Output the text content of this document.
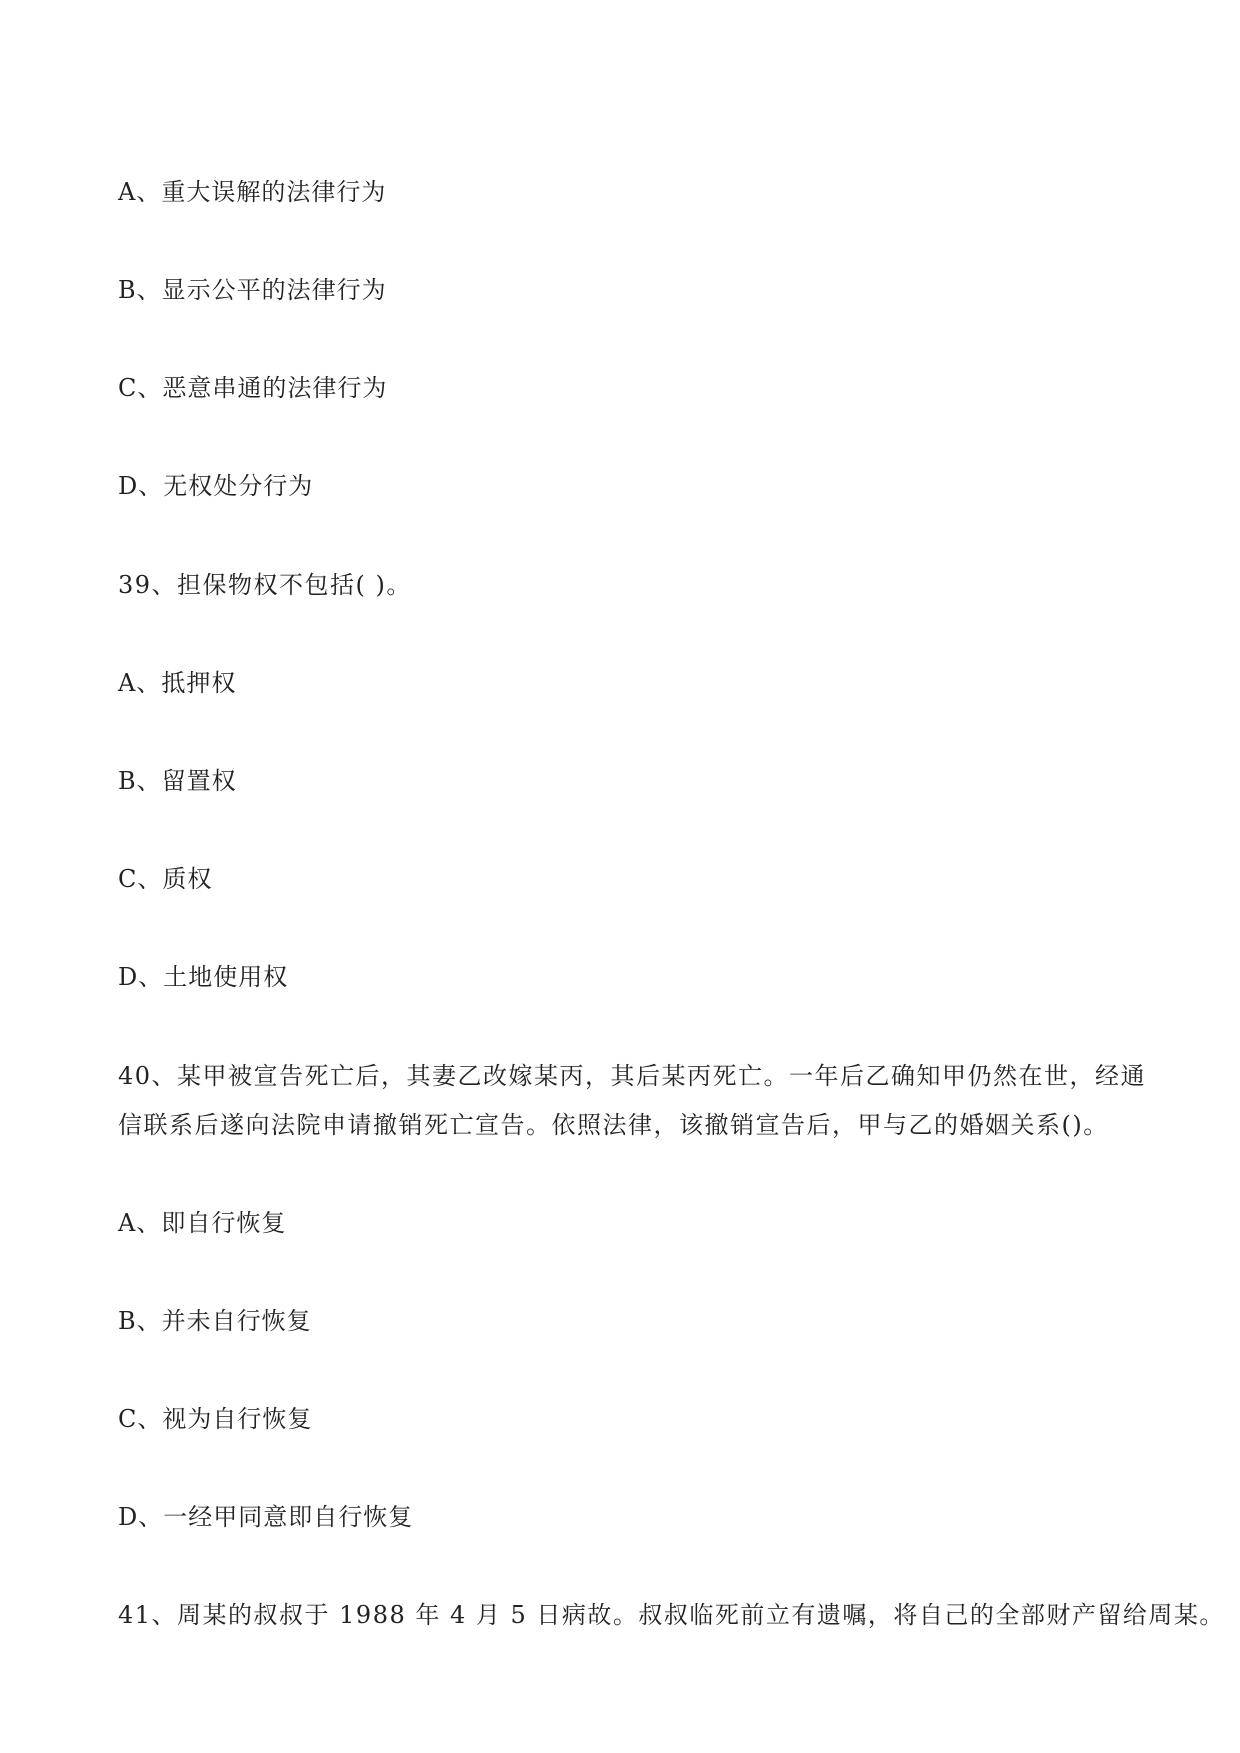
A、重大误解的法律行为
B、显示公平的法律行为
C、恶意串通的法律行为
D、无权处分行为
39、担保物权不包括( )。
A、抵押权
B、留置权
C、质权
D、土地使用权
40、某甲被宣告死亡后，其妻乙改嫁某丙，其后某丙死亡。一年后乙确知甲仍然在世，经通
信联系后遂向法院申请撤销死亡宣告。依照法律，该撤销宣告后，甲与乙的婚姻关系()。
A、即自行恢复
B、并未自行恢复
C、视为自行恢复
D、一经甲同意即自行恢复
41、周某的叔叔于 1988 年 4 月 5 日病故。叔叔临死前立有遗嘱，将自己的全部财产留给周某。
